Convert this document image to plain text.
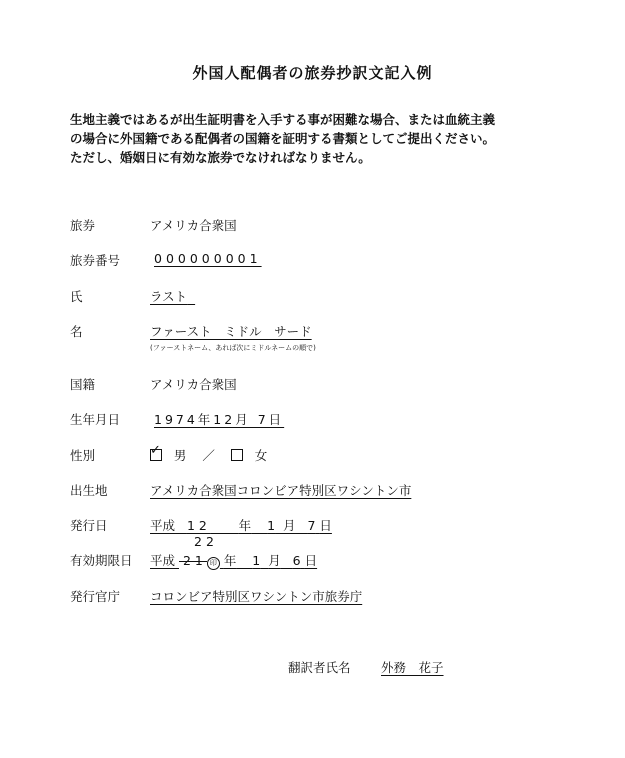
外国人配偶者の旅券抄訳文記入例
生地主義ではあるが出生証明書を入手する事が困難な場合、または血統主義
の場合に外国籍である配偶者の国籍を証明する書類としてご提出ください。
ただし、婚姻日に有効な旅券でなければなりません。
旅券	アメリカ合衆国
旅券番号	000000001
氏	ラスト
名	ファースト　ミドル　サード
(ファーストネーム、あれば次にミドルネームの順で)
国籍	アメリカ合衆国
生年月日	1974年12月 7日
性別	✓ 男 ／	女
出生地	アメリカ合衆国コロンビア特別区ワシントン市
発行日	平成 12 年 1 月 7 日
22
有効期限日 平成 21 印 年 1 月 6 日
発行官庁 コロンビア特別区ワシントン市旅券庁
翻訳者氏名 外務　花子
